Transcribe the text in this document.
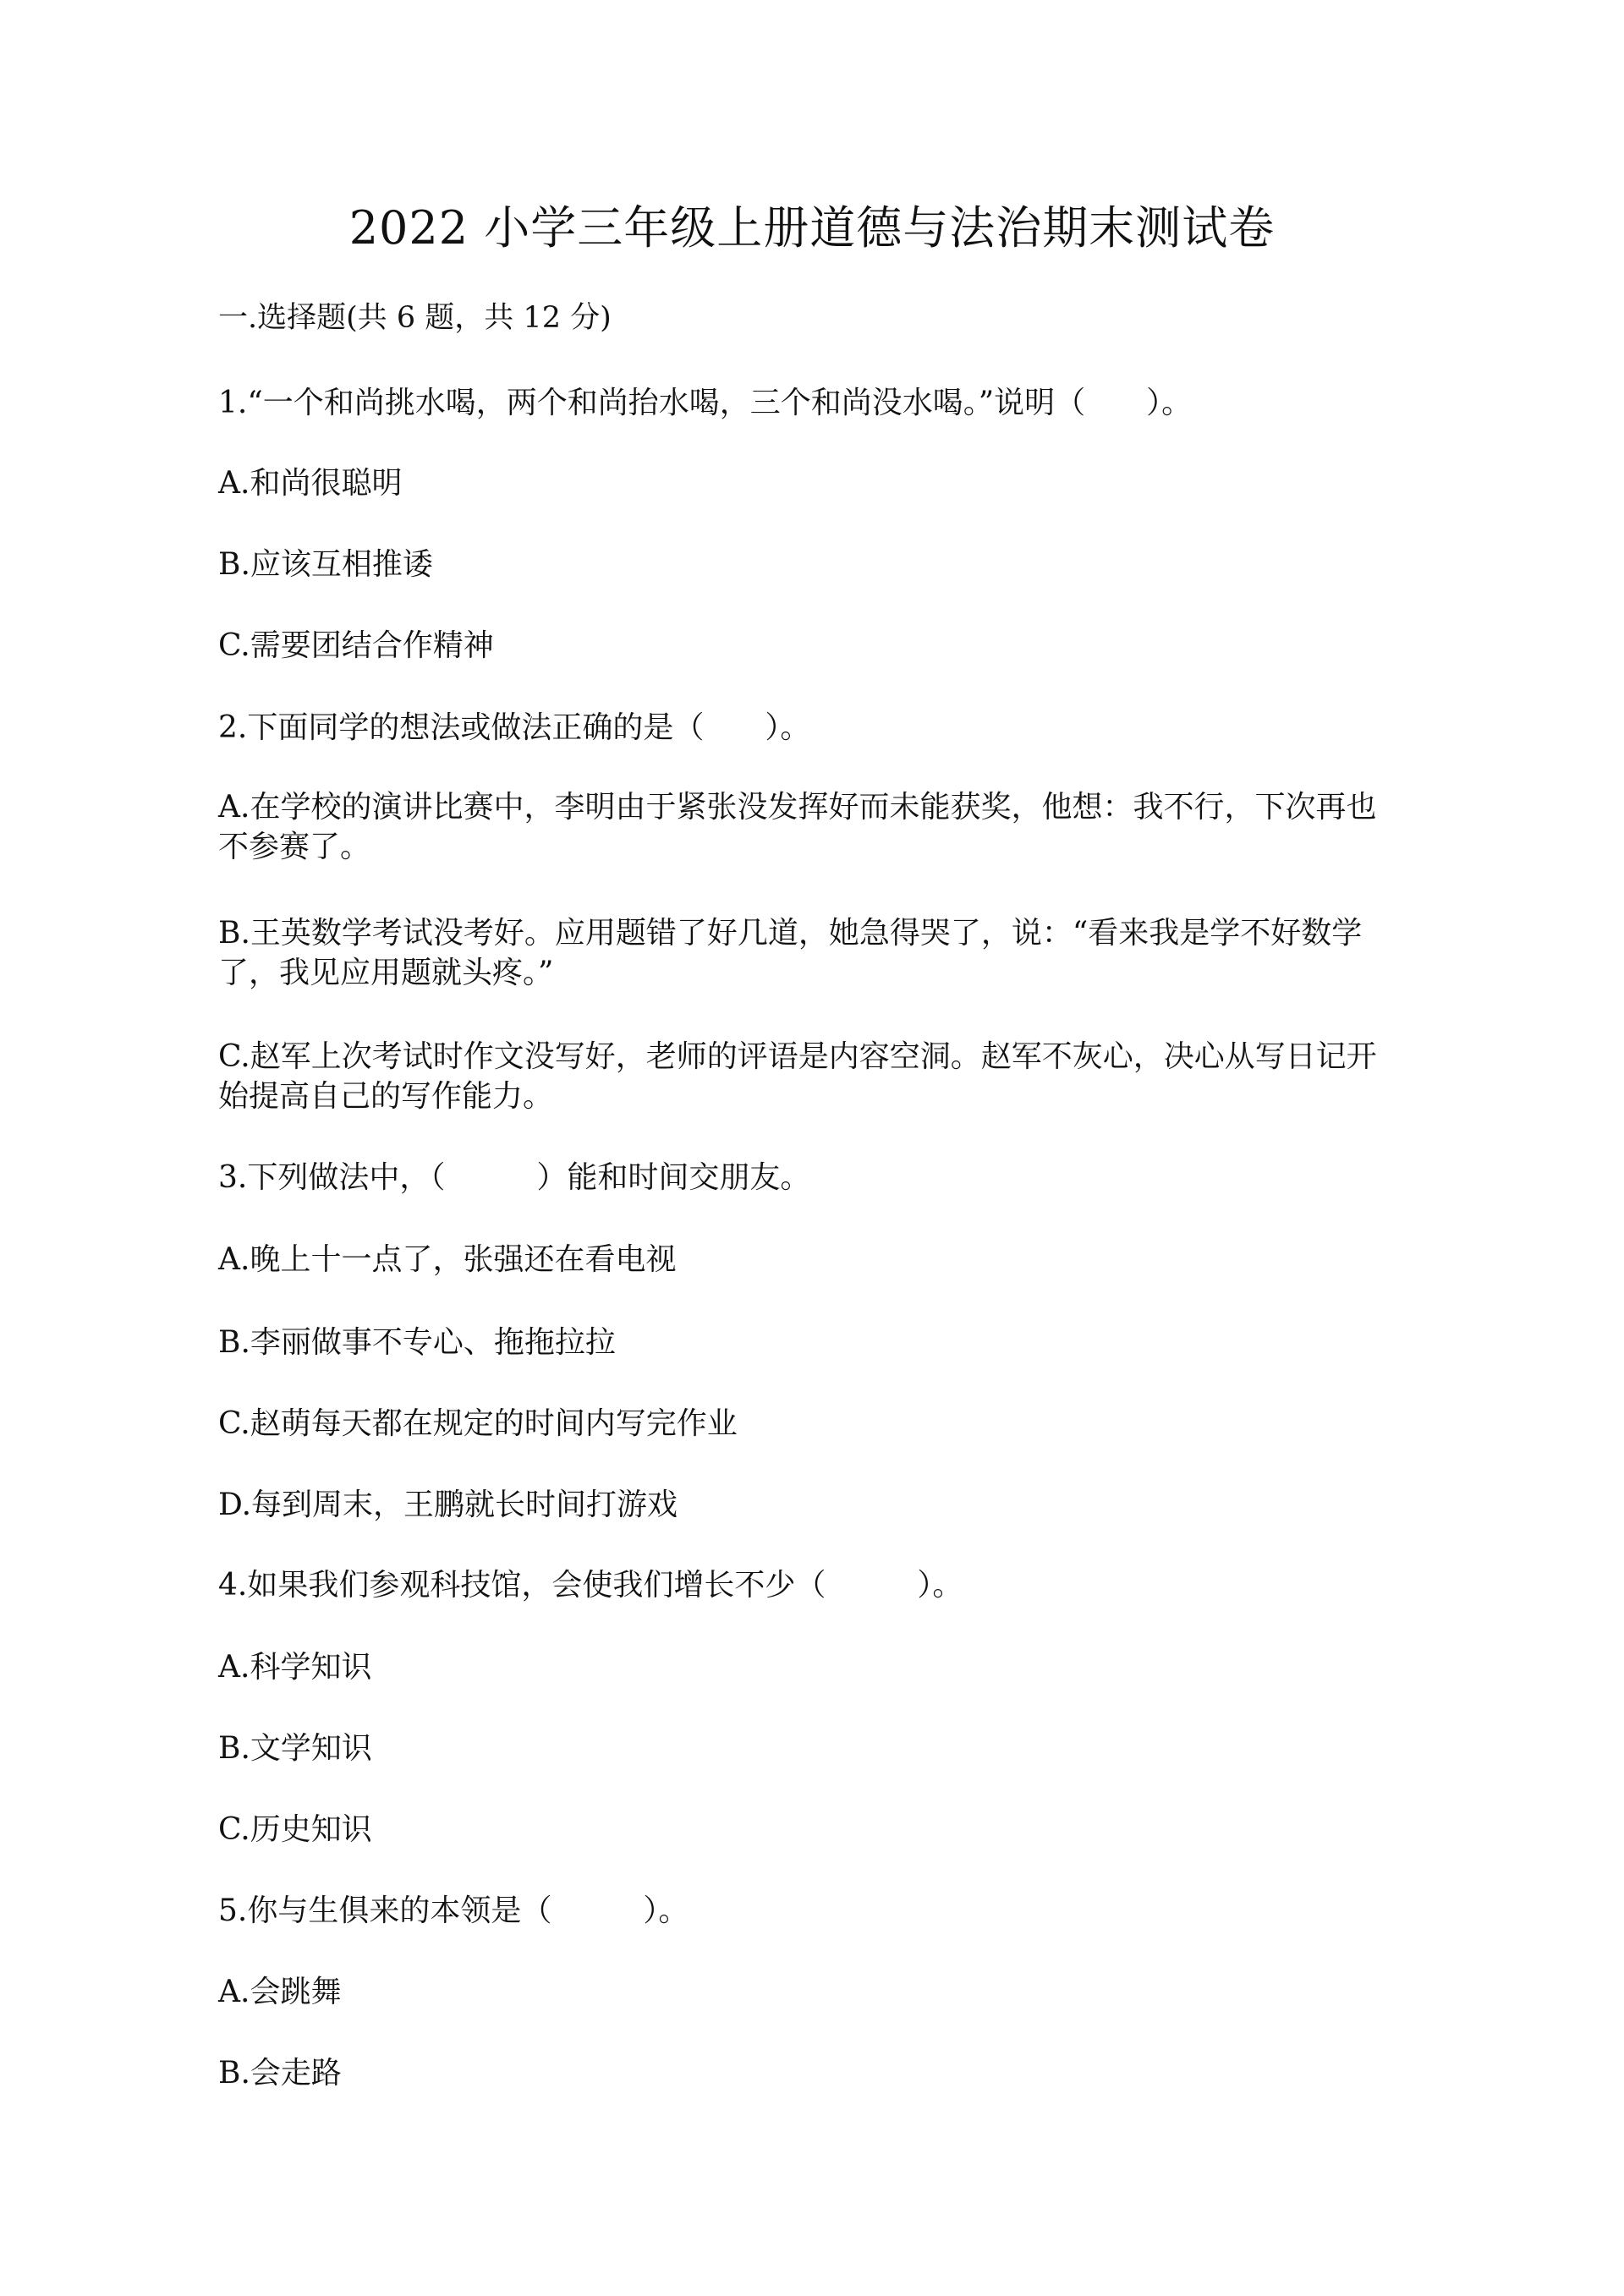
2022 小学三年级上册道德与法治期末测试卷
一.选择题(共 6 题，共 12 分)
1.“一个和尚挑水喝，两个和尚抬水喝，三个和尚没水喝。”说明（　　）。
A.和尚很聪明
B.应该互相推诿
C.需要团结合作精神
2.下面同学的想法或做法正确的是（　　）。
A.在学校的演讲比赛中，李明由于紧张没发挥好而未能获奖，他想：我不行，下次再也不参赛了。
B.王英数学考试没考好。应用题错了好几道，她急得哭了，说：“看来我是学不好数学了，我见应用题就头疼。”
C.赵军上次考试时作文没写好，老师的评语是内容空洞。赵军不灰心，决心从写日记开始提高自己的写作能力。
3.下列做法中，（　　　）能和时间交朋友。
A.晚上十一点了，张强还在看电视
B.李丽做事不专心、拖拖拉拉
C.赵萌每天都在规定的时间内写完作业
D.每到周末，王鹏就长时间打游戏
4.如果我们参观科技馆，会使我们增长不少（　　　）。
A.科学知识
B.文学知识
C.历史知识
5.你与生俱来的本领是（　　　）。
A.会跳舞
B.会走路
